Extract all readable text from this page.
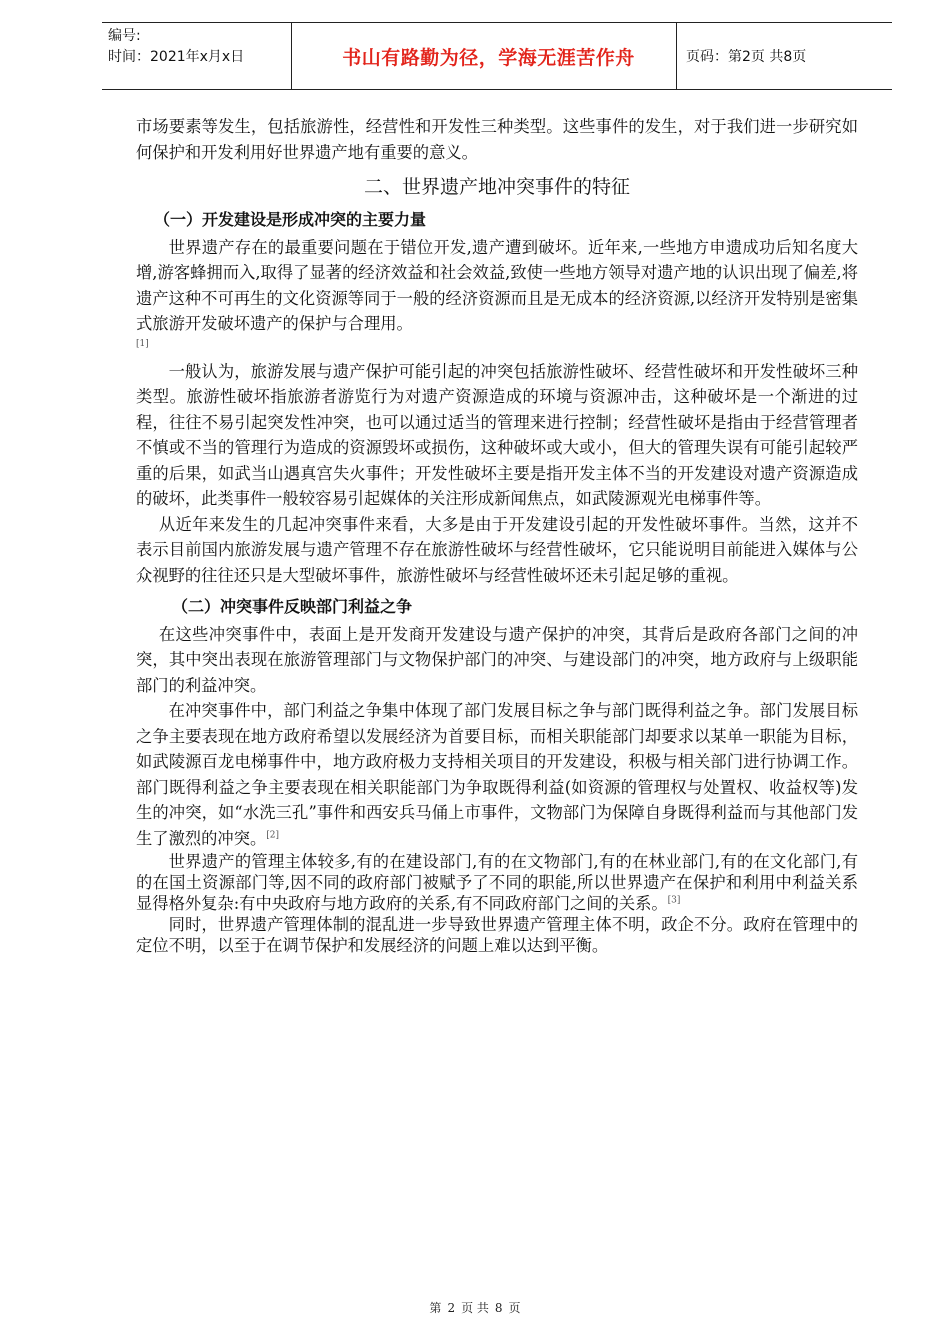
编号:
时间：2021年x月x日	书山有路勤为径，学海无涯苦作舟	页码：第2页 共8页

市场要素等发生，包括旅游性，经营性和开发性三种类型。这些事件的发生，对于我们进一步研究如何保护和开发利用好世界遗产地有重要的意义。

二、世界遗产地冲突事件的特征

（一）开发建设是形成冲突的主要力量

世界遗产存在的最重要问题在于错位开发,遗产遭到破坏。近年来,一些地方申遗成功后知名度大增,游客蜂拥而入,取得了显著的经济效益和社会效益,致使一些地方领导对遗产地的认识出现了偏差,将遗产这种不可再生的文化资源等同于一般的经济资源而且是无成本的经济资源,以经济开发特别是密集式旅游开发破坏遗产的保护与合理用。

[1]

一般认为，旅游发展与遗产保护可能引起的冲突包括旅游性破坏、经营性破坏和开发性破坏三种类型。旅游性破坏指旅游者游览行为对遗产资源造成的环境与资源冲击，这种破坏是一个渐进的过程，往往不易引起突发性冲突，也可以通过适当的管理来进行控制；经营性破坏是指由于经营管理者不慎或不当的管理行为造成的资源毁坏或损伤，这种破坏或大或小，但大的管理失误有可能引起较严重的后果，如武当山遇真宫失火事件；开发性破坏主要是指开发主体不当的开发建设对遗产资源造成的破坏，此类事件一般较容易引起媒体的关注形成新闻焦点，如武陵源观光电梯事件等。

从近年来发生的几起冲突事件来看，大多是由于开发建设引起的开发性破坏事件。当然，这并不表示目前国内旅游发展与遗产管理不存在旅游性破坏与经营性破坏，它只能说明目前能进入媒体与公众视野的往往还只是大型破坏事件，旅游性破坏与经营性破坏还未引起足够的重视。

（二）冲突事件反映部门利益之争

在这些冲突事件中，表面上是开发商开发建设与遗产保护的冲突，其背后是政府各部门之间的冲突，其中突出表现在旅游管理部门与文物保护部门的冲突、与建设部门的冲突，地方政府与上级职能部门的利益冲突。

在冲突事件中，部门利益之争集中体现了部门发展目标之争与部门既得利益之争。部门发展目标之争主要表现在地方政府希望以发展经济为首要目标，而相关职能部门却要求以某单一职能为目标，如武陵源百龙电梯事件中，地方政府极力支持相关项目的开发建设，积极与相关部门进行协调工作。部门既得利益之争主要表现在相关职能部门为争取既得利益(如资源的管理权与处置权、收益权等)发生的冲突，如“水洗三孔”事件和西安兵马俑上市事件，文物部门为保障自身既得利益而与其他部门发生了激烈的冲突。[2]

世界遗产的管理主体较多,有的在建设部门,有的在文物部门,有的在林业部门,有的在文化部门,有的在国土资源部门等,因不同的政府部门被赋予了不同的职能,所以世界遗产在保护和利用中利益关系显得格外复杂:有中央政府与地方政府的关系,有不同政府部门之间的关系。[3]

同时，世界遗产管理体制的混乱进一步导致世界遗产管理主体不明，政企不分。政府在管理中的定位不明，以至于在调节保护和发展经济的问题上难以达到平衡。

第 2 页 共 8 页
